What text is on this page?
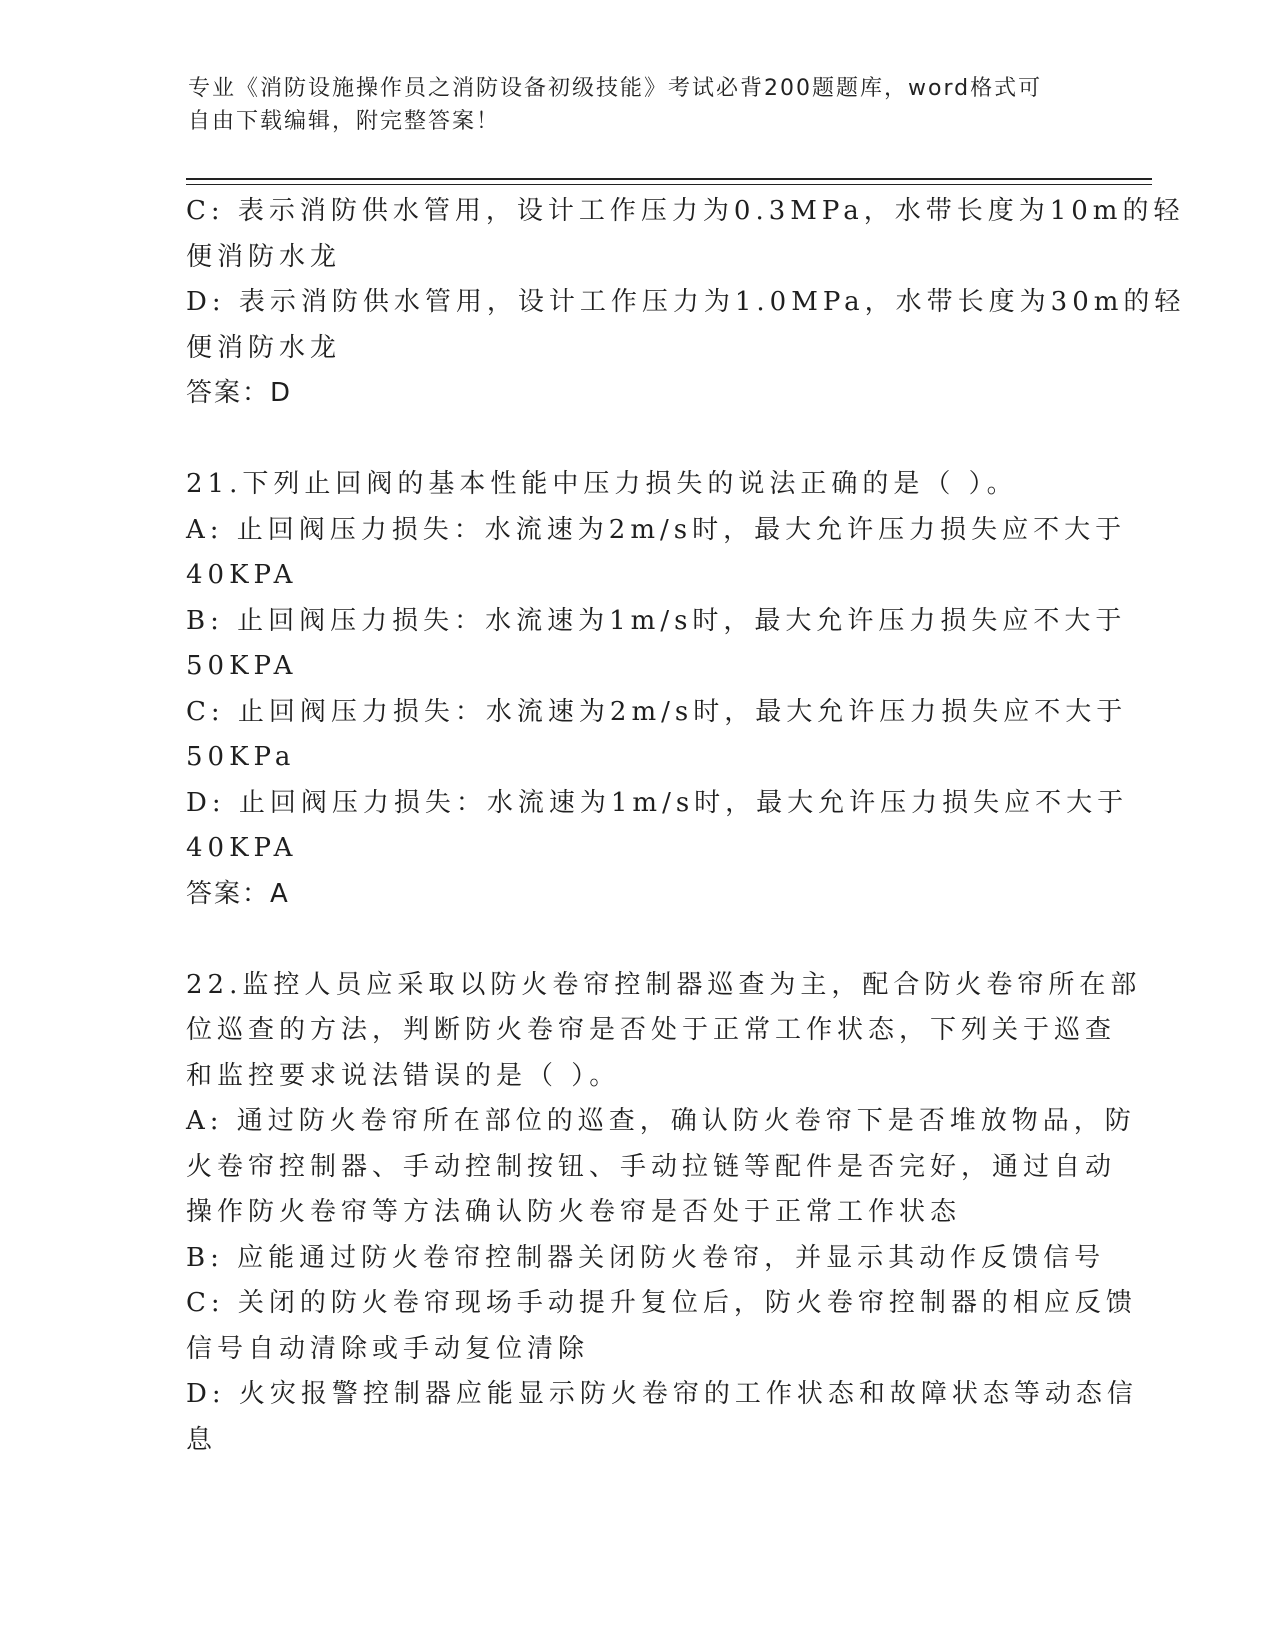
专业《消防设施操作员之消防设备初级技能》考试必背200题题库，word格式可
自由下载编辑，附完整答案！
C: 表示消防供水管用，设计工作压力为0.3MPa，水带长度为10m的轻
便消防水龙
D: 表示消防供水管用，设计工作压力为1.0MPa，水带长度为30m的轻
便消防水龙
答案：D
21.下列止回阀的基本性能中压力损失的说法正确的是（ ）。
A: 止回阀压力损失：水流速为2m/s时，最大允许压力损失应不大于
40KPA
B: 止回阀压力损失：水流速为1m/s时，最大允许压力损失应不大于
50KPA
C: 止回阀压力损失：水流速为2m/s时，最大允许压力损失应不大于
50KPa
D: 止回阀压力损失：水流速为1m/s时，最大允许压力损失应不大于
40KPA
答案：A
22.监控人员应采取以防火卷帘控制器巡查为主，配合防火卷帘所在部
位巡查的方法，判断防火卷帘是否处于正常工作状态，下列关于巡查
和监控要求说法错误的是（ ）。
A: 通过防火卷帘所在部位的巡查，确认防火卷帘下是否堆放物品，防
火卷帘控制器、手动控制按钮、手动拉链等配件是否完好，通过自动
操作防火卷帘等方法确认防火卷帘是否处于正常工作状态
B: 应能通过防火卷帘控制器关闭防火卷帘，并显示其动作反馈信号
C: 关闭的防火卷帘现场手动提升复位后，防火卷帘控制器的相应反馈
信号自动清除或手动复位清除
D: 火灾报警控制器应能显示防火卷帘的工作状态和故障状态等动态信
息
